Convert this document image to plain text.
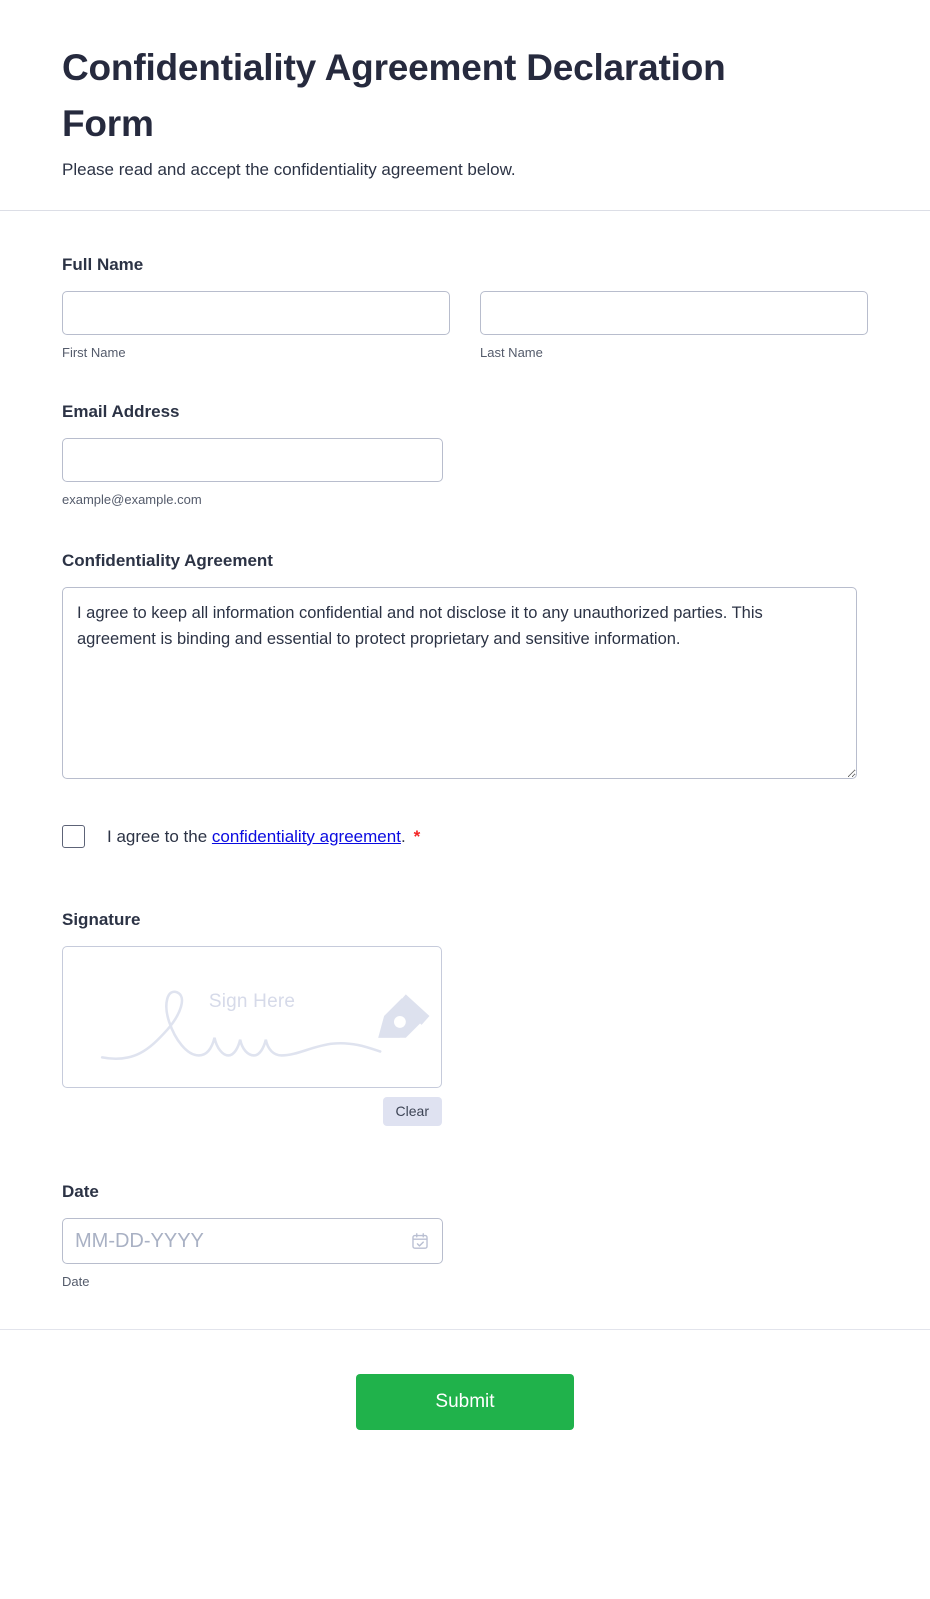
Confidentiality Agreement Declaration Form

Please read and accept the confidentiality agreement below.

Full Name
First Name	Last Name
Email Address
example@example.com
Confidentiality Agreement
I agree to keep all information confidential and not disclose it to any unauthorized parties. This agreement is binding and essential to protect proprietary and sensitive information.
I agree to the confidentiality agreement. *
Signature
Sign Here
Clear
Date
MM-DD-YYYY
Date
Submit
